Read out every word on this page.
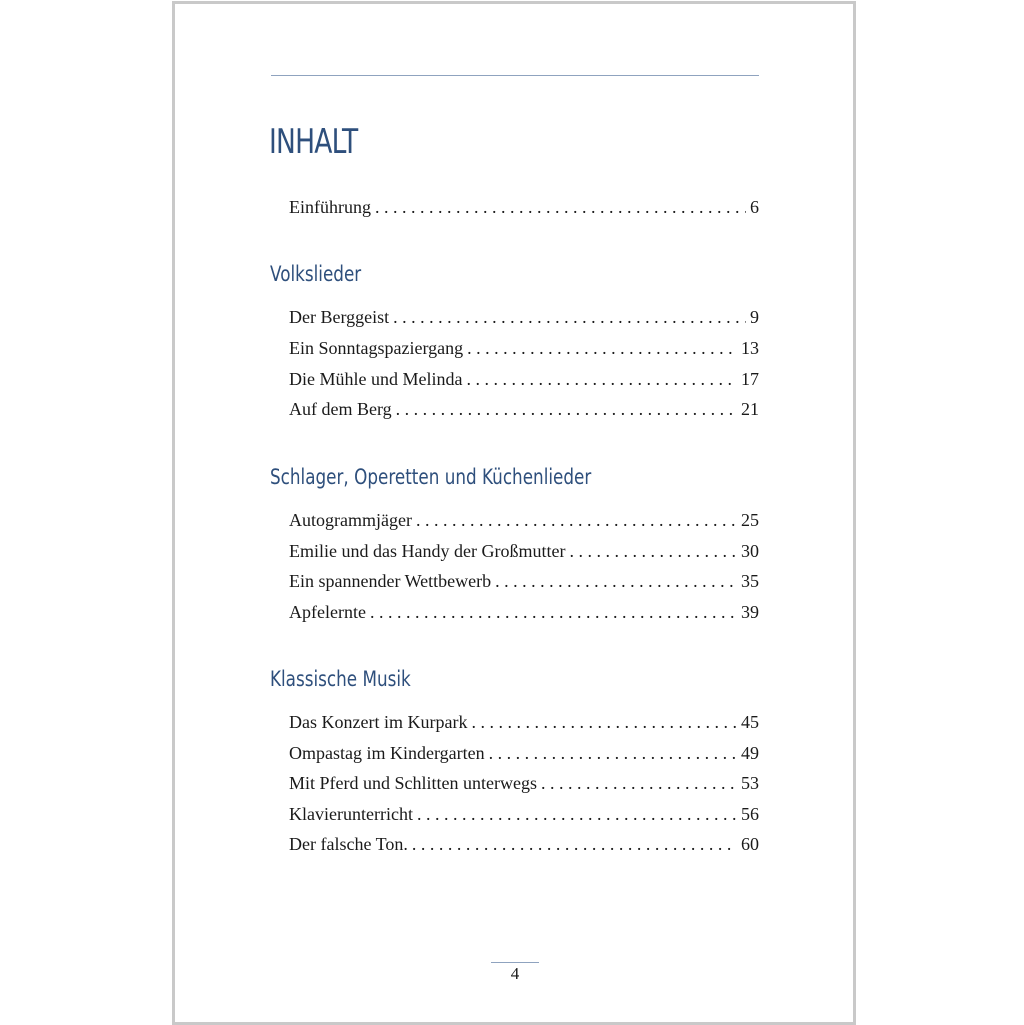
INHALT
Einführung . . .	6
Volkslieder
Der Berggeist . . .	9
Ein Sonntagspaziergang . . .	13
Die Mühle und Melinda . . .	17
Auf dem Berg . . .	21
Schlager, Operetten und Küchenlieder
Autogrammjäger . . .	25
Emilie und das Handy der Großmutter . . .	30
Ein spannender Wettbewerb . . .	35
Apfelernte . . .	39
Klassische Musik
Das Konzert im Kurpark . . .	45
Ompastag im Kindergarten . . .	49
Mit Pferd und Schlitten unterwegs . . .	53
Klavierunterricht . . .	56
Der falsche Ton. . . .	60
4
